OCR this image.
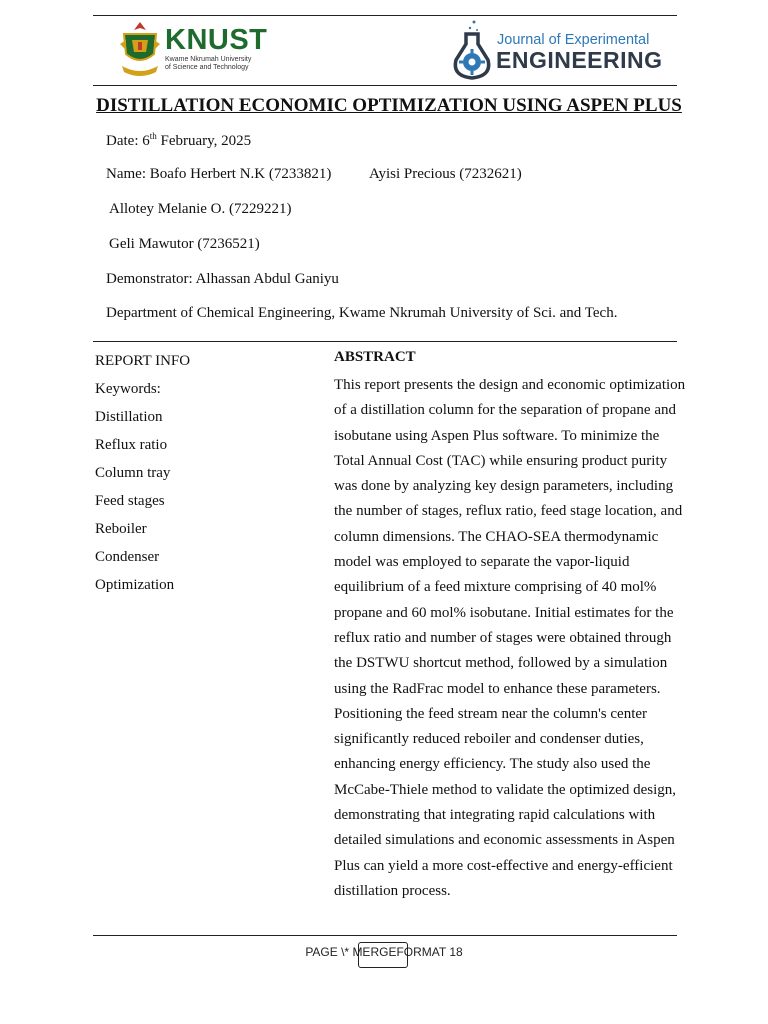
KNUST
Kwame Nkrumah University
of Science and Technology
Journal of Experimental
ENGINEERING
DISTILLATION ECONOMIC OPTIMIZATION USING ASPEN PLUS
Date: 6th February, 2025
Name: Boafo Herbert N.K (7233821)	Ayisi Precious (7232621)
Allotey Melanie O. (7229221)
Geli Mawutor (7236521)
Demonstrator: Alhassan Abdul Ganiyu
Department of Chemical Engineering, Kwame Nkrumah University of Sci. and Tech.
REPORT INFO
Keywords:
Distillation
Reflux ratio
Column tray
Feed stages
Reboiler
Condenser
Optimization
ABSTRACT
This report presents the design and economic optimization of a distillation column for the separation of propane and isobutane using Aspen Plus software. To minimize the Total Annual Cost (TAC) while ensuring product purity was done by analyzing key design parameters, including the number of stages, reflux ratio, feed stage location, and column dimensions. The CHAO-SEA thermodynamic model was employed to separate the vapor-liquid equilibrium of a feed mixture comprising of 40 mol% propane and 60 mol% isobutane. Initial estimates for the reflux ratio and number of stages were obtained through the DSTWU shortcut method, followed by a simulation using the RadFrac model to enhance these parameters. Positioning the feed stream near the column's center significantly reduced reboiler and condenser duties, enhancing energy efficiency. The study also used the McCabe-Thiele method to validate the optimized design, demonstrating that integrating rapid calculations with detailed simulations and economic assessments in Aspen Plus can yield a more cost-effective and energy-efficient distillation process.
PAGE \* MERGEFORMAT 18
